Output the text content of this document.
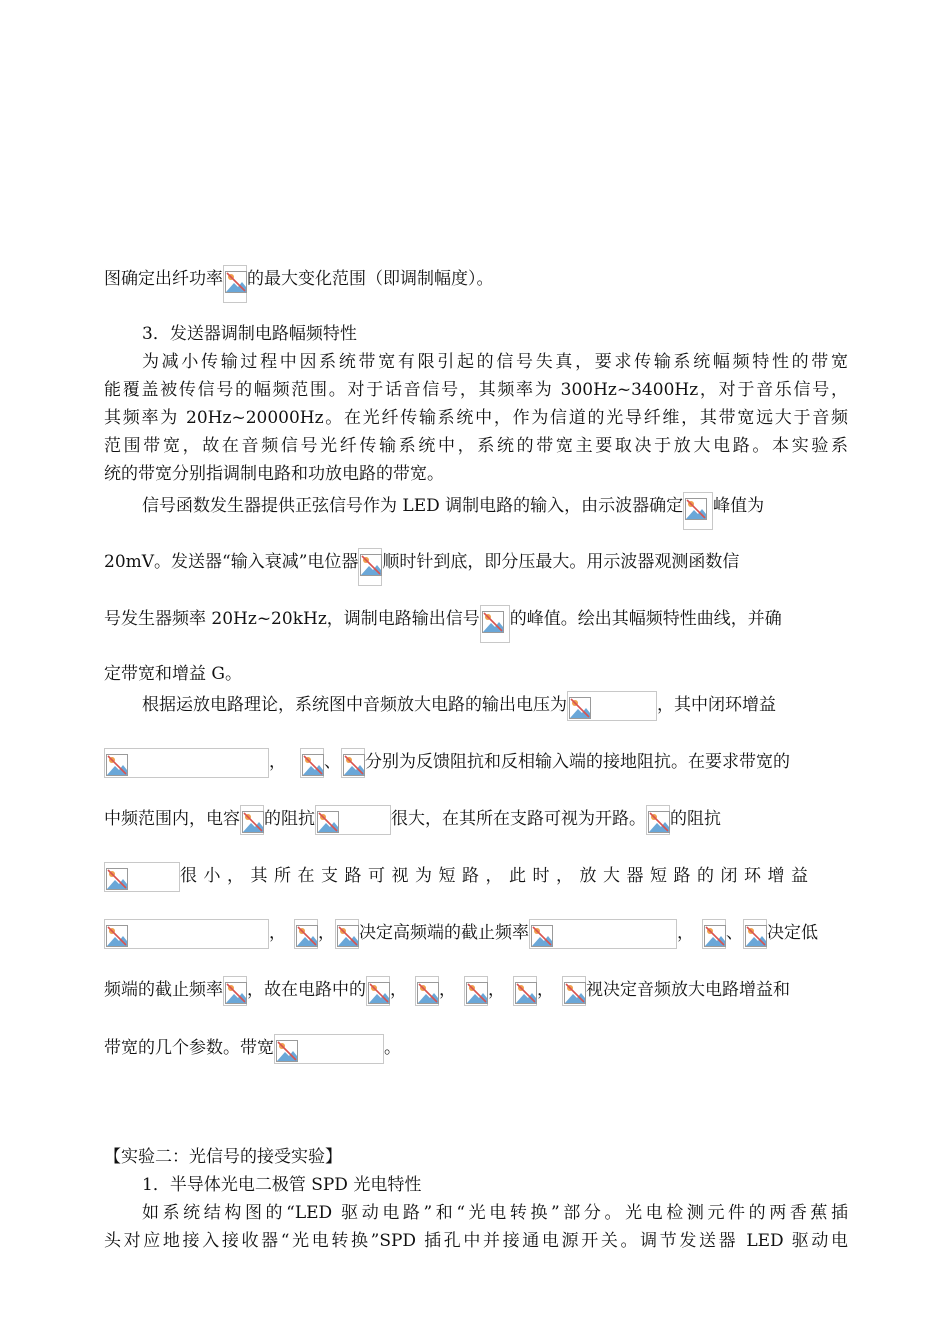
图确定出纤功率 的最大变化范围（即调制幅度）。
3．发送器调制电路幅频特性
为减小传输过程中因系统带宽有限引起的信号失真，要求传输系统幅频特性的带宽
能覆盖被传信号的幅频范围。对于话音信号，其频率为 300Hz~3400Hz，对于音乐信号，
其频率为 20Hz~20000Hz。在光纤传输系统中，作为信道的光导纤维，其带宽远大于音频
范围带宽，故在音频信号光纤传输系统中，系统的带宽主要取决于放大电路。本实验系
统的带宽分别指调制电路和功放电路的带宽。
信号函数发生器提供正弦信号作为 LED 调制电路的输入，由示波器确定 峰值为
20mV。发送器“输入衰减”电位器 顺时针到底，即分压最大。用示波器观测函数信
号发生器频率 20Hz~20kHz，调制电路输出信号 的峰值。绘出其幅频特性曲线，并确
定带宽和增益 G。
根据运放电路理论，系统图中音频放大电路的输出电压为	，其中闭环增益
， 、 分别为反馈阻抗和反相输入端的接地阻抗。在要求带宽的
中频范围内，电容 的阻抗	很大，在其所在支路可视为开路。 的阻抗
很小，其所在支路可视为短路，此时，放大器短路的闭环增益
， ， 决定高频端的截止频率	， 、 决定低
频端的截止频率 ，故在电路中的 ， ， ， ， 视决定音频放大电路增益和
带宽的几个参数。带宽	。
【实验二：光信号的接受实验】
1．半导体光电二极管 SPD 光电特性
如系统结构图的“LED 驱动电路”和“光电转换”部分。光电检测元件的两香蕉插
头对应地接入接收器“光电转换”SPD 插孔中并接通电源开关。调节发送器 LED 驱动电
